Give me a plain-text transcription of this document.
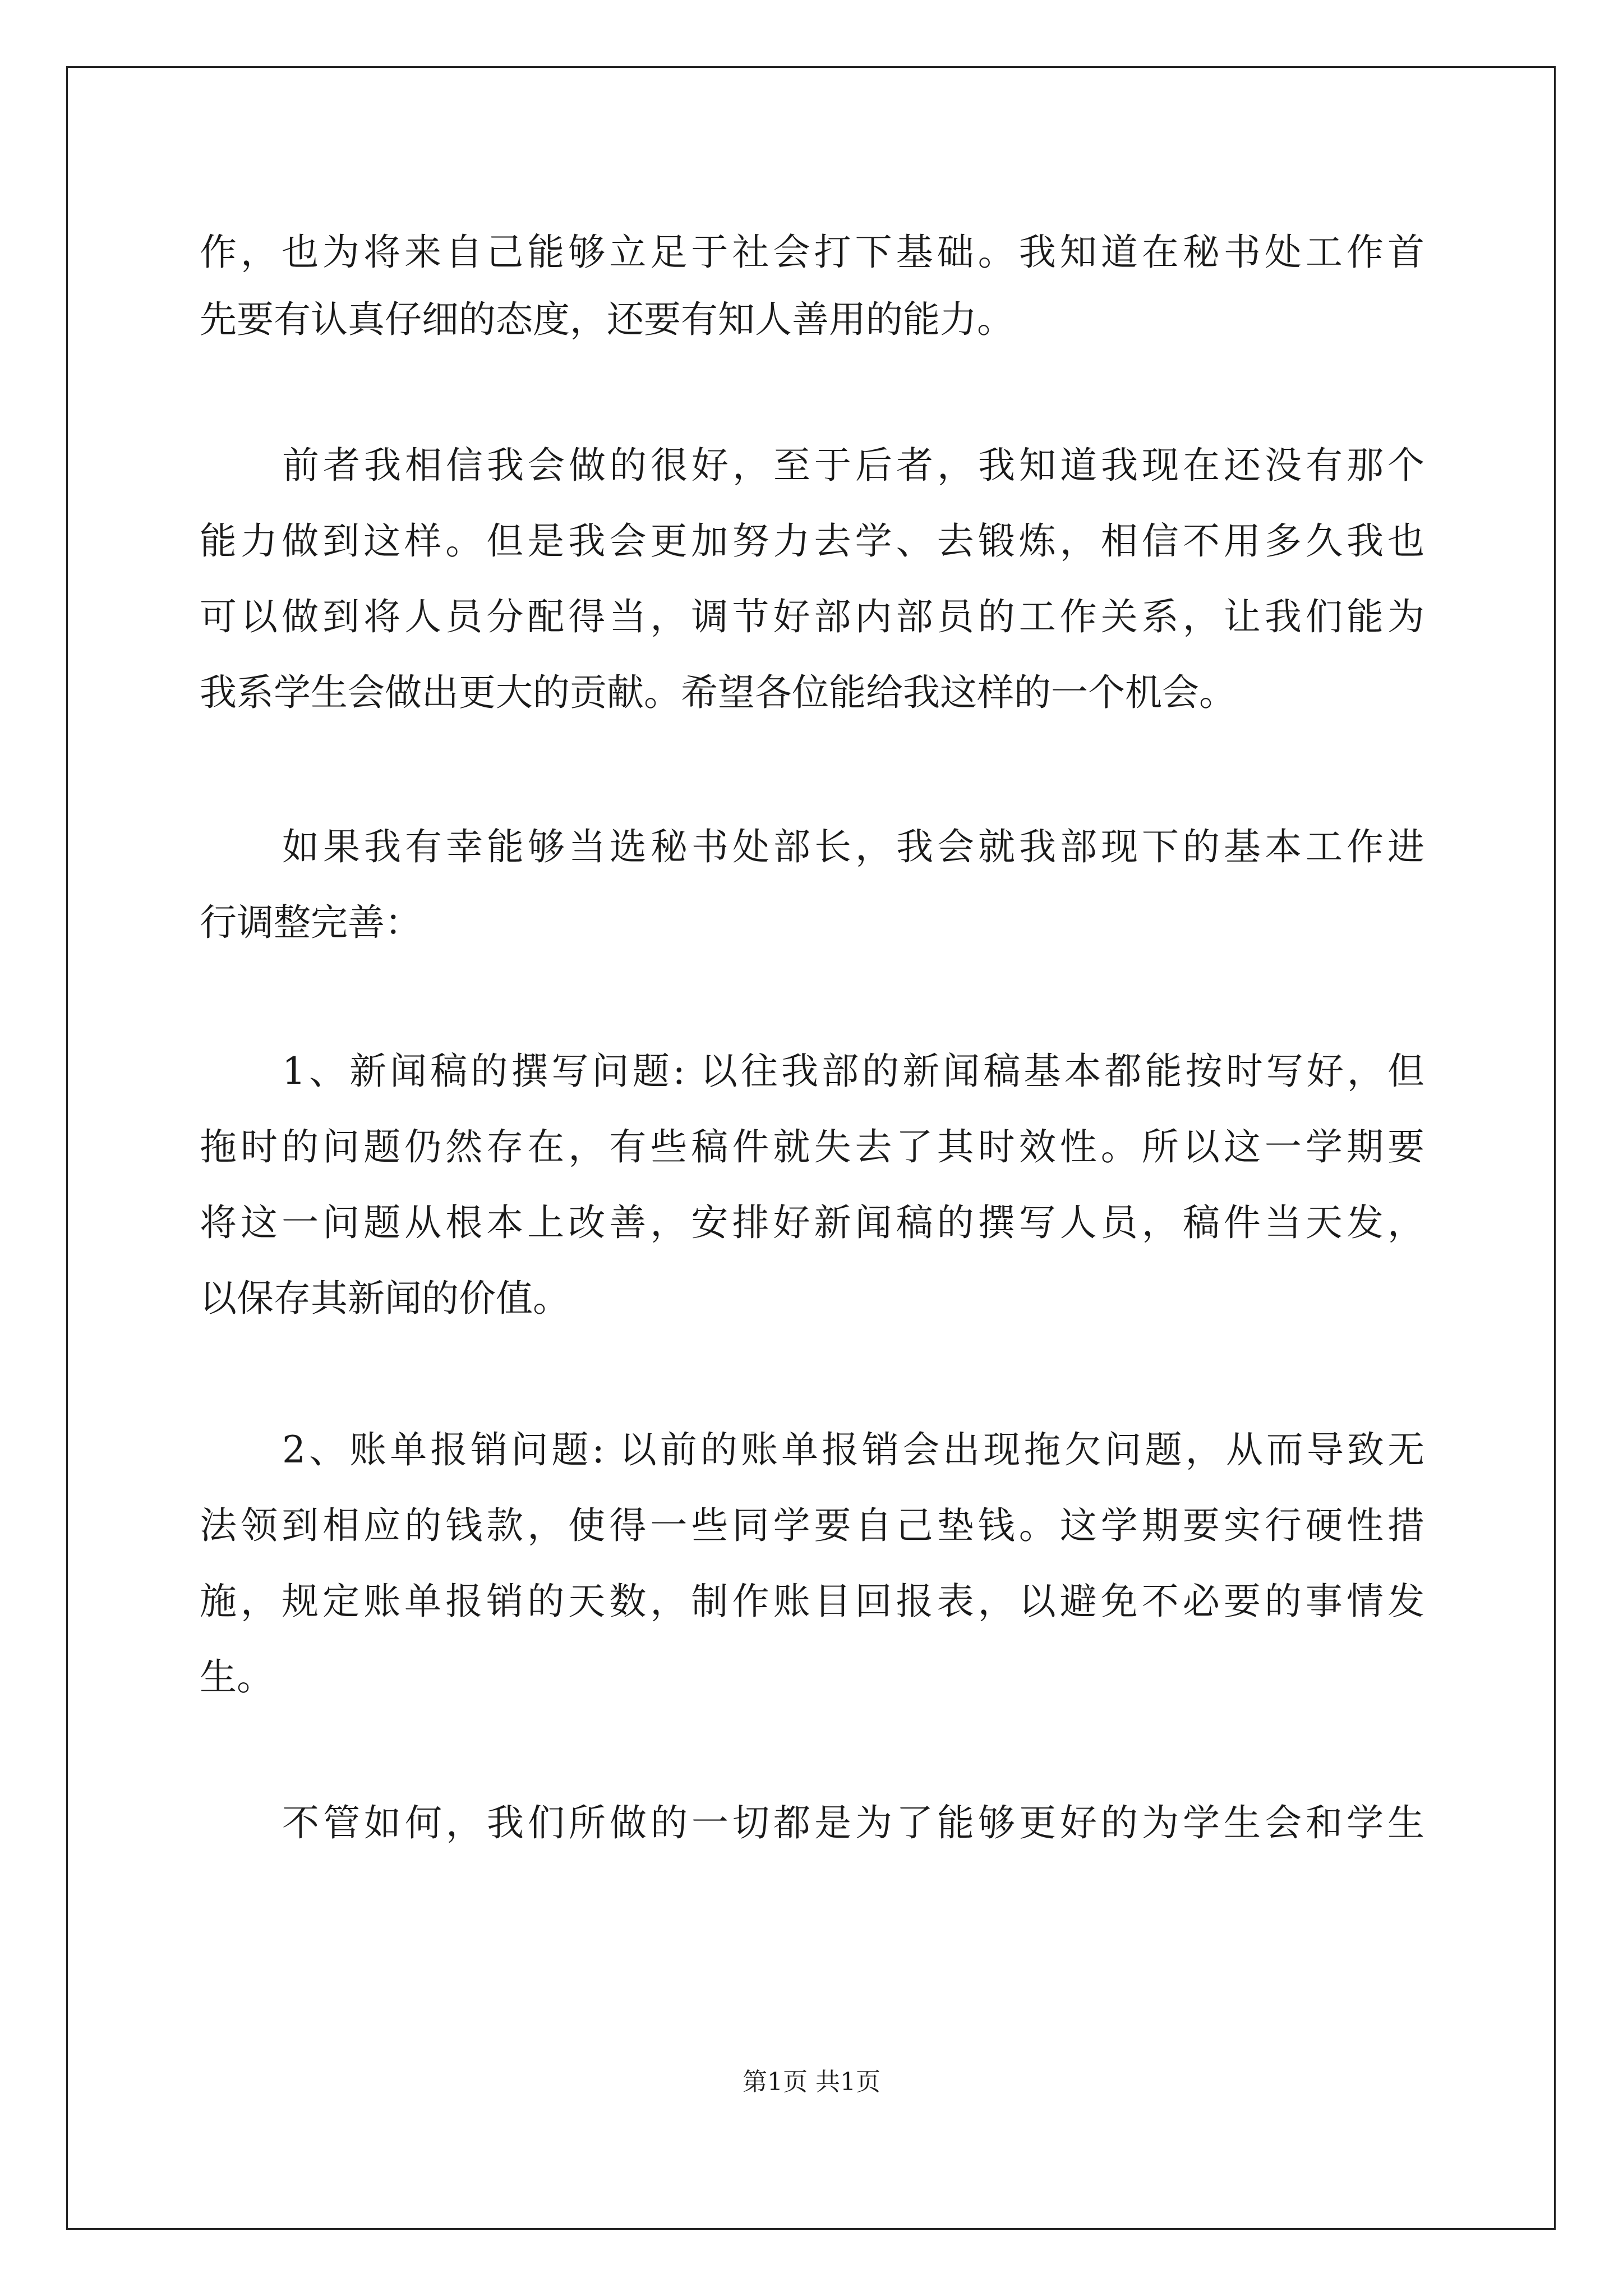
作，也为将来自己能够立足于社会打下基础。我知道在秘书处工作首
先要有认真仔细的态度，还要有知人善用的能力。
前者我相信我会做的很好，至于后者，我知道我现在还没有那个
能力做到这样。但是我会更加努力去学、去锻炼，相信不用多久我也
可以做到将人员分配得当，调节好部内部员的工作关系，让我们能为
我系学生会做出更大的贡献。希望各位能给我这样的一个机会。
如果我有幸能够当选秘书处部长，我会就我部现下的基本工作进
行调整完善：
1、新闻稿的撰写问题: 以往我部的新闻稿基本都能按时写好，但
拖时的问题仍然存在，有些稿件就失去了其时效性。所以这一学期要
将这一问题从根本上改善，安排好新闻稿的撰写人员，稿件当天发，
以保存其新闻的价值。
2、账单报销问题: 以前的账单报销会出现拖欠问题，从而导致无
法领到相应的钱款，使得一些同学要自己垫钱。这学期要实行硬性措
施，规定账单报销的天数，制作账目回报表，以避免不必要的事情发
生。
不管如何，我们所做的一切都是为了能够更好的为学生会和学生
第1页 共1页
